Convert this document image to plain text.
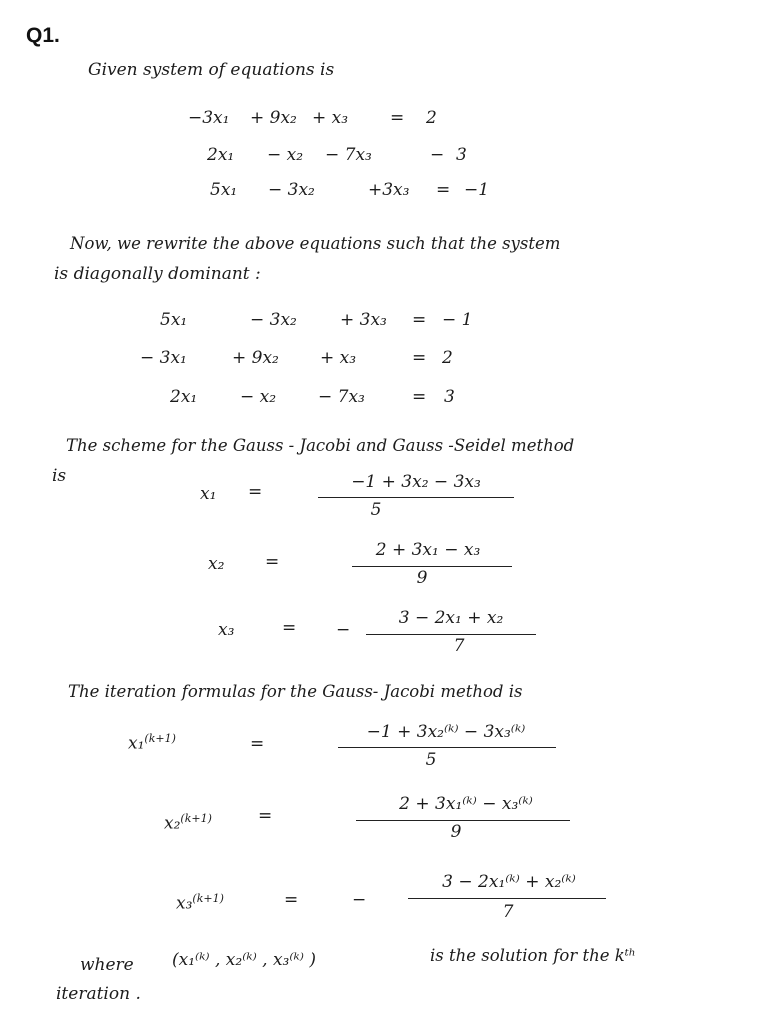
Q1.
Given system of equations is
−3x₁	+ 9x₂ + x₃	=	2
2x₁	− x₂	− 7x₃	− 3
5x₁	− 3x₂	+3x₃	= −1
Now, we rewrite the above equations such that the system
is diagonally dominant :
5x₁	− 3x₂	+ 3x₃	= − 1
− 3x₁	+ 9x₂	+ x₃	= 2
2x₁	− x₂	− 7x₃	=	3
The scheme for the Gauss - Jacobi and Gauss -Seidel method
is
x₁ =	−1 + 3x₂ − 3x₃
5
x₂ =
2 + 3x₁ − x₃
9
x₃	= −
3 − 2x₁ + x₂
7
The iteration formulas for the Gauss- Jacobi method is
x₁$^{(k+1)}$	=
−1 + 3x₂⁽ᵏ⁾ − 3x₃⁽ᵏ⁾
5
x₂$^{(k+1)}$	=
2 + 3x₁⁽ᵏ⁾ − x₃⁽ᵏ⁾
9
x₃$^{(k+1)}$	=	−
3 − 2x₁⁽ᵏ⁾ + x₂⁽ᵏ⁾
7
where (x₁⁽ᵏ⁾ , x₂⁽ᵏ⁾ , x₃⁽ᵏ⁾ )	is the solution for the kᵗʰ
iteration .
